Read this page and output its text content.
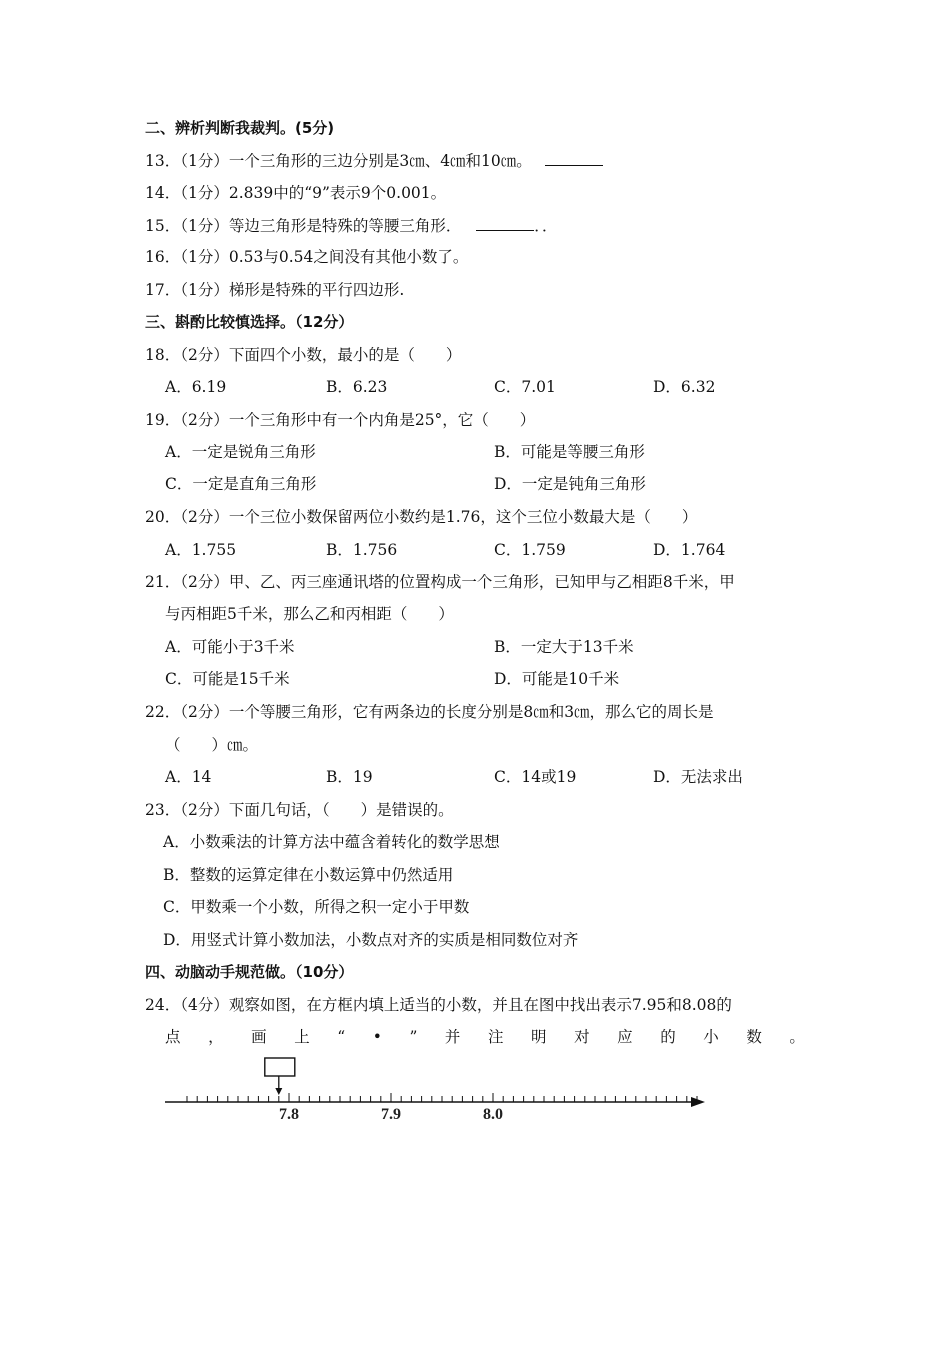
二、辨析判断我裁判。(5分)
13．（1分）一个三角形的三边分别是3㎝、4㎝和10㎝。
14．（1分）2.839中的“9”表示9个0.001。
15．（1分）等边三角形是特殊的等腰三角形．	．．
16．（1分）0.53与0.54之间没有其他小数了。
17．（1分）梯形是特殊的平行四边形.
三、斟酌比较慎选择。（12分）
18．（2分）下面四个小数，最小的是（　　）
A．6.19	B．6.23	C．7.01	D．6.32
19．（2分）一个三角形中有一个内角是25°，它（　　）
A．一定是锐角三角形	B．可能是等腰三角形
C．一定是直角三角形	D．一定是钝角三角形
20．（2分）一个三位小数保留两位小数约是1.76，这个三位小数最大是（　　）
A．1.755	B．1.756	C．1.759	D．1.764
21．（2分）甲、乙、丙三座通讯塔的位置构成一个三角形，已知甲与乙相距8千米，甲
与丙相距5千米，那么乙和丙相距（　　）
A．可能小于3千米	B．一定大于13千米
C．可能是15千米	D．可能是10千米
22．（2分）一个等腰三角形，它有两条边的长度分别是8㎝和3㎝，那么它的周长是
（　　）㎝。
A．14	B．19	C．14或19	D．无法求出
23．（2分）下面几句话，（　　）是错误的。
A．小数乘法的计算方法中蕴含着转化的数学思想
B．整数的运算定律在小数运算中仍然适用
C．甲数乘一个小数，所得之积一定小于甲数
D．用竖式计算小数加法，小数点对齐的实质是相同数位对齐
四、动脑动手规范做。（10分）
24．（4分）观察如图，在方框内填上适当的小数，并且在图中找出表示7.95和8.08的
点 ， 画 上 “ • ” 并 注 明 对 应 的 小 数 。
7.8	7.9	8.0
